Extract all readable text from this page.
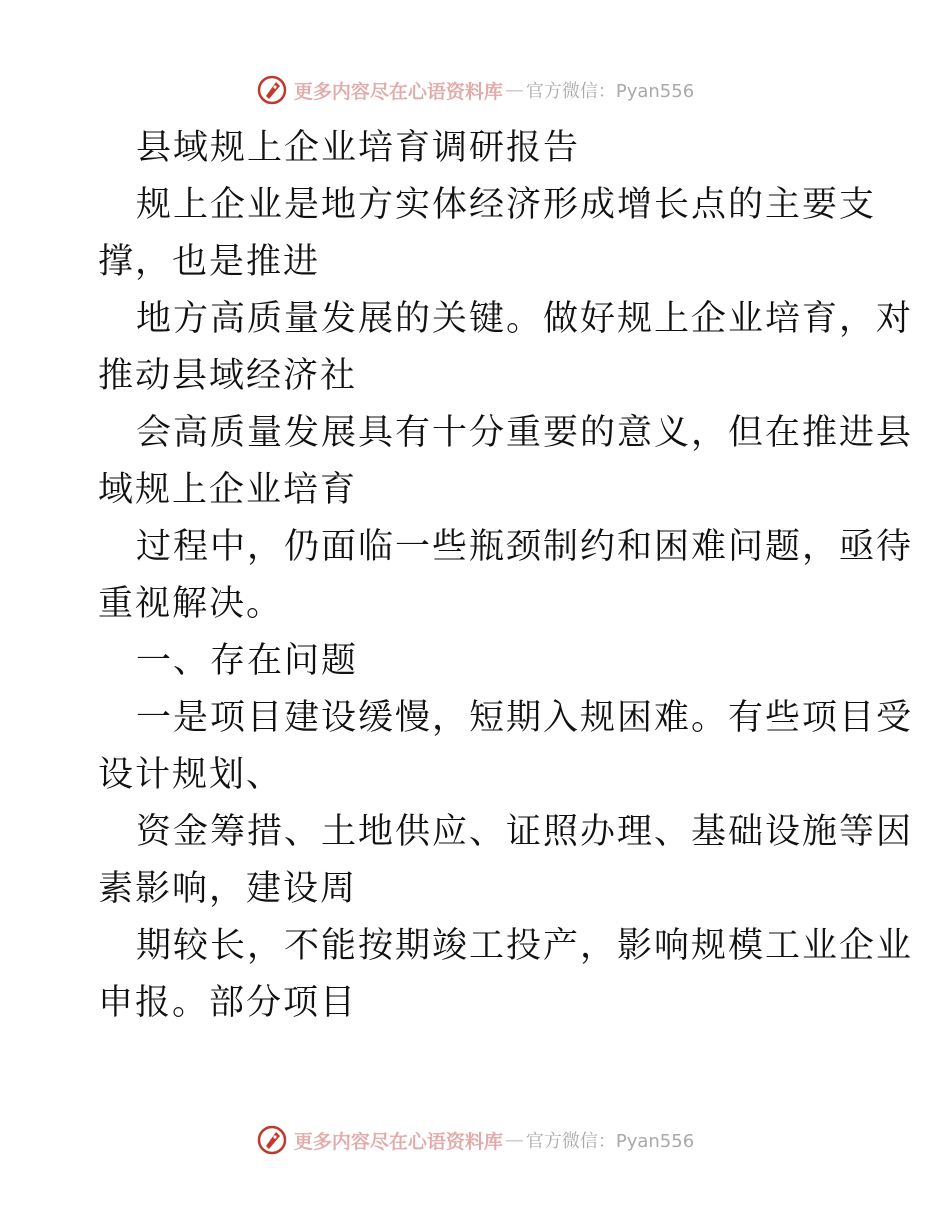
更多内容尽在心语资料库 — 官方微信：Pyan556

县域规上企业培育调研报告

规上企业是地方实体经济形成增长点的主要支
撑，也是推进

地方高质量发展的关键。做好规上企业培育，对
推动县域经济社

会高质量发展具有十分重要的意义，但在推进县
域规上企业培育

过程中，仍面临一些瓶颈制约和困难问题，亟待
重视解决。

一、存在问题

一是项目建设缓慢，短期入规困难。有些项目受
设计规划、

资金筹措、土地供应、证照办理、基础设施等因
素影响，建设周

期较长，不能按期竣工投产，影响规模工业企业
申报。部分项目

更多内容尽在心语资料库 — 官方微信：Pyan556
